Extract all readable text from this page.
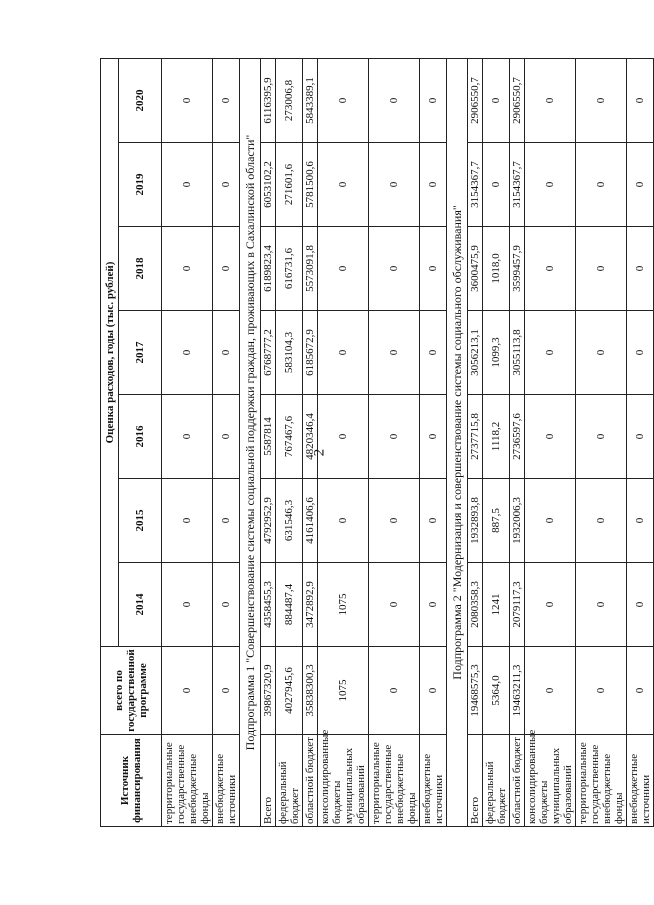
2
Источник финансирования	всего по государственной программе	Оценка расходов, годы (тыс. рублей)						
		2014	2015	2016	2017	2018	2019	2020
территориальные государственные внебюджетные фонды	0	0	0	0	0	0	0	0
внебюджетные источники	0	0	0	0	0	0	0	0
Подпрограмма 1 "Совершенствование системы социальной поддержки граждан, проживающих в Сахалинской области"								
Всего	39867320,9	4358455,3	4792952,9	5587814	6768777,2	6189823,4	6053102,2	6116395,9
федеральный бюджет	4027945,6	884487,4	631546,3	767467,6	583104,3	616731,6	271601,6	273006,8
областной бюджет	35838300,3	3472892,9	4161406,6	4820346,4	6185672,9	5573091,8	5781500,6	5843389,1
консолидированные бюджеты муниципальных образований	1075	1075	0	0	0	0	0	0
территориальные государственные внебюджетные фонды	0	0	0	0	0	0	0	0
внебюджетные источники	0	0	0	0	0	0	0	0
Подпрограмма 2 "Модернизация и совершенствование системы социального обслуживания"								
Всего	19468575,3	2080358,3	1932893,8	2737715,8	3056213,1	3600475,9	3154367,7	2906550,7
федеральный бюджет	5364,0	1241	887,5	1118,2	1099,3	1018,0	0	0
областной бюджет	19463211,3	2079117,3	1932006,3	2736597,6	3055113,8	3599457,9	3154367,7	2906550,7
консолидированные бюджеты муниципальных образований	0	0	0	0	0	0	0	0
территориальные государственные внебюджетные фонды	0	0	0	0	0	0	0	0
внебюджетные источники	0	0	0	0	0	0	0	0
